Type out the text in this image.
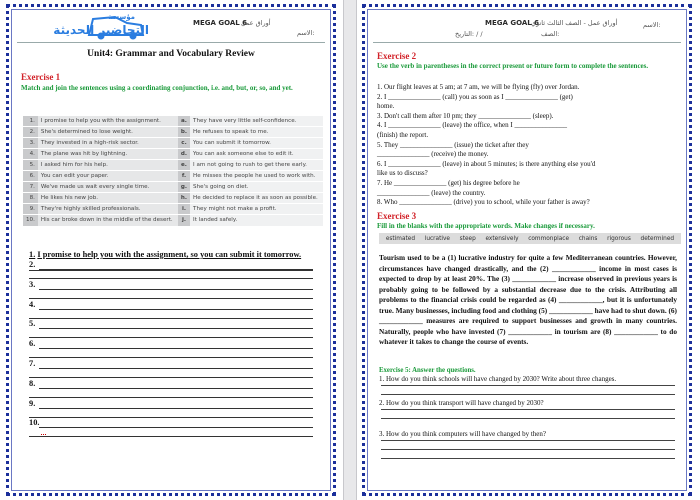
مؤسسة
التحاضير الحديثة	MEGA GOAL 6
أوراق عمل
الاسم:
Unit4: Grammar and Vocabulary Review
Exercise 1
Match and join the sentences using a coordinating conjunction, i.e. and, but, or, so, and yet.
1.	I promise to help you with the assignment.	a.	They have very little self-confidence.
2.	She's determined to lose weight.	b.	He refuses to speak to me.
3.	They invested in a high-risk sector.	c.	You can submit it tomorrow.
4.	The plane was hit by lightning.	d.	You can ask someone else to edit it.
5.	I asked him for his help.	e.	I am not going to rush to get there early.
6.	You can edit your paper.	f.	He misses the people he used to work with.
7.	We've made us wait every single time.	g.	She's going on diet.
8.	He likes his new job.	h.	He decided to replace it as soon as possible.
9.	They're highly skilled professionals.	i.	They might not make a profit.
10.	His car broke down in the middle of the desert.	j.	It landed safely.
1. I promise to help you with the assignment, so you can submit it tomorrow.
2.
3.
4.
5.
6.
7.
8.
9.
10.
MEGA GOAL 6
أوراق عمل - الصف الثالث ثانوي	الاسم:
الصف:
التاريخ: / /
Exercise 2
Use the verb in parentheses in the correct present or future form to complete the sentences.
1. Our flight leaves at 5 am; at 7 am, we will be flying (fly) over Jordan.
2. I _______________ (call) you as soon as I _______________ (get)
home.
3. Don't call them after 10 pm; they _______________ (sleep).
4. I _______________ (leave) the office, when I _______________
(finish) the report.
5. They _______________ (issue) the ticket after they
_______________ (receive) the money.
6. I _______________ (leave) in about 5 minutes; is there anything else you'd
like us to discuss?
7. He _______________ (get) his degree before he
_______________ (leave) the country.
8. Who _______________ (drive) you to school, while your father is away?
Exercise 3
Fill in the blanks with the appropriate words. Make changes if necessary.
estimated lucrative steep extensively commonplace chains rigorous determined
Tourism used to be a (1) lucrative industry for quite a few Mediterranean countries. However, circumstances have changed drastically, and the (2) ____________ income in most cases is expected to drop by at least 20%. The (3) ____________ increase observed in previous years is probably going to be followed by a substantial decrease due to the crisis. Attributing all problems to the financial crisis could be regarded as (4) ____________, but it is unfortunately true. Many businesses, including food and clothing (5) ____________ have had to shut down. (6) ____________ measures are required to support businesses and growth in many countries. Naturally, people who have invested (7) ____________ in tourism are (8) ____________ to do whatever it takes to change the course of events.
Exercise 5: Answer the questions.
1. How do you think schools will have changed by 2030? Write about three changes.
2. How do you think transport will have changed by 2030?
3. How do you think computers will have changed by then?
